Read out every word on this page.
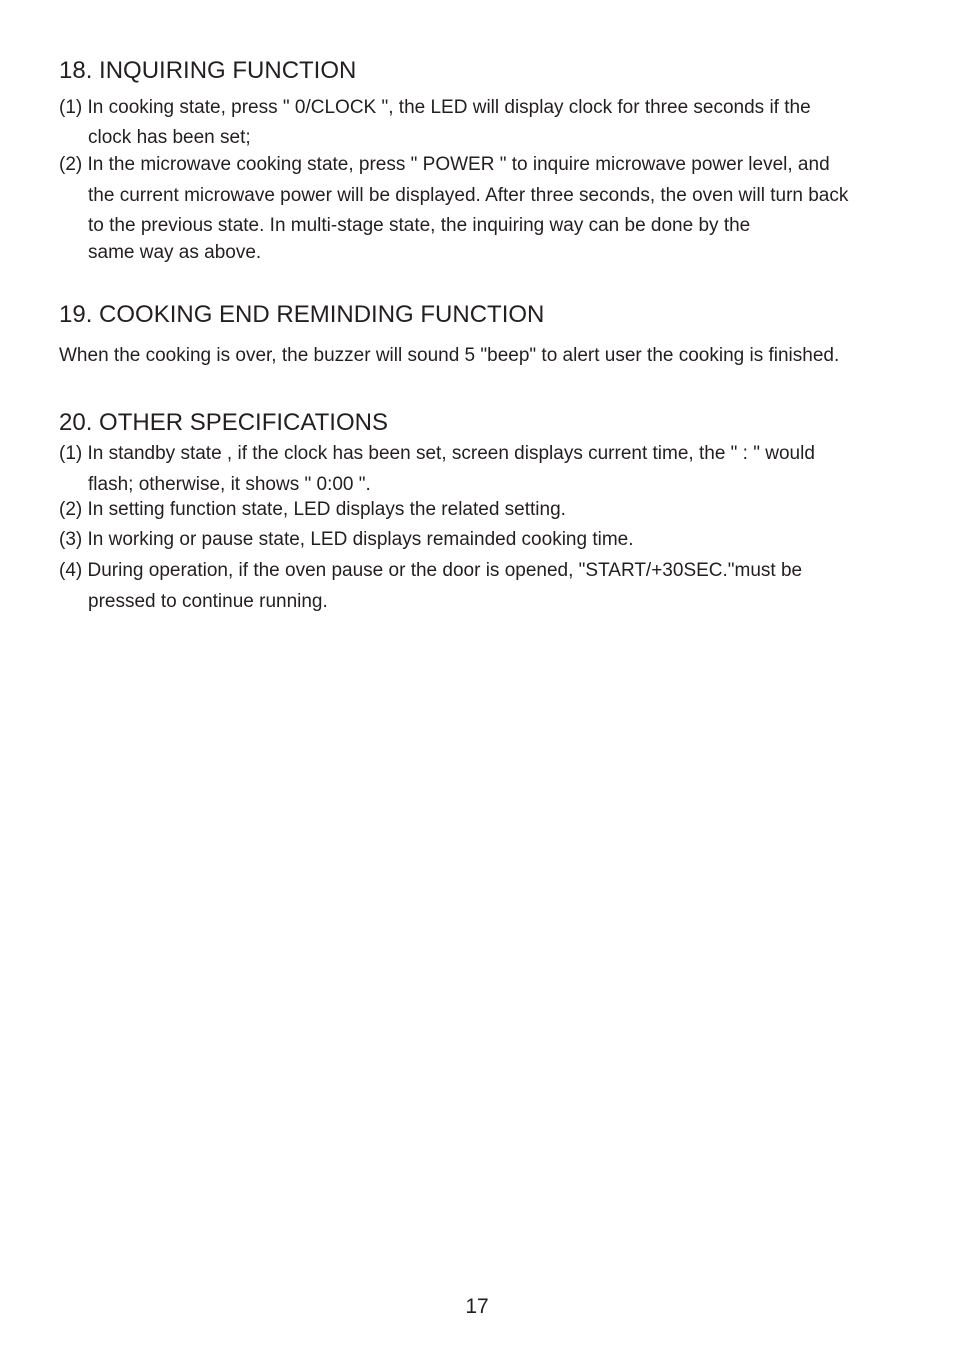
18. INQUIRING FUNCTION

(1) In cooking state, press " 0/CLOCK ", the LED will display clock for three seconds if the

clock has been set;

(2) In the microwave cooking state, press " POWER " to inquire microwave power level, and

the current microwave power will be displayed. After three seconds, the oven will turn back

to the previous state. In multi-stage state, the inquiring way can be done by the

same way as above.

19. COOKING END REMINDING FUNCTION

When the cooking is over, the buzzer will sound 5 "beep" to alert user the cooking is finished.

20. OTHER SPECIFICATIONS

(1) In standby state , if the clock has been set, screen displays current time, the " : " would

flash; otherwise, it shows " 0:00 ".

(2) In setting function state, LED displays the related setting.

(3) In working or pause state, LED displays remainded cooking time.

(4) During operation, if the oven pause or the door is opened, "START/+30SEC."must be

pressed to continue running.

17
